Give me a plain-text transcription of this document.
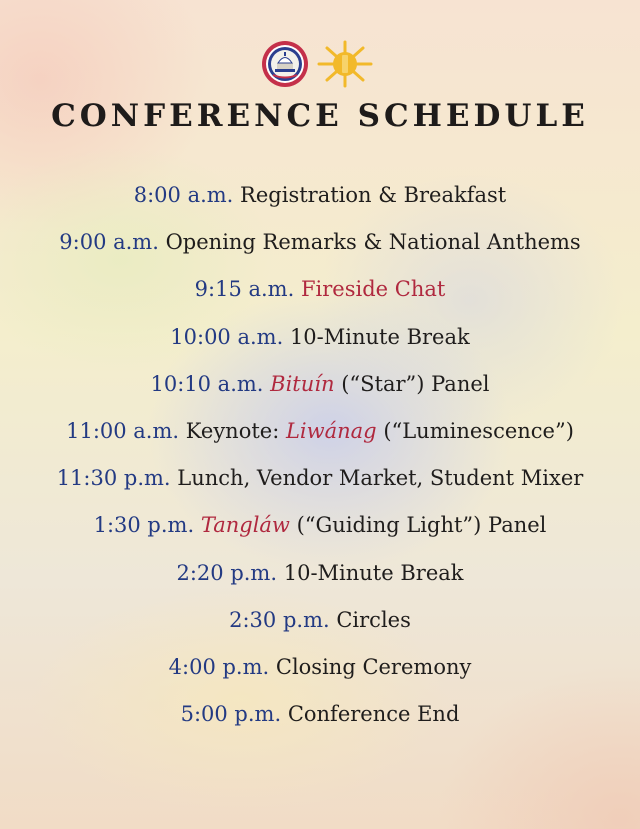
CONFERENCE SCHEDULE
8:00 a.m. Registration & Breakfast
9:00 a.m. Opening Remarks & National Anthems
9:15 a.m. Fireside Chat
10:00 a.m. 10-Minute Break
10:10 a.m. Bituín (“Star”) Panel
11:00 a.m. Keynote: Liwánag (“Luminescence”)
11:30 p.m. Lunch, Vendor Market, Student Mixer
1:30 p.m. Tangláw (“Guiding Light”) Panel
2:20 p.m. 10-Minute Break
2:30 p.m. Circles
4:00 p.m. Closing Ceremony
5:00 p.m. Conference End
